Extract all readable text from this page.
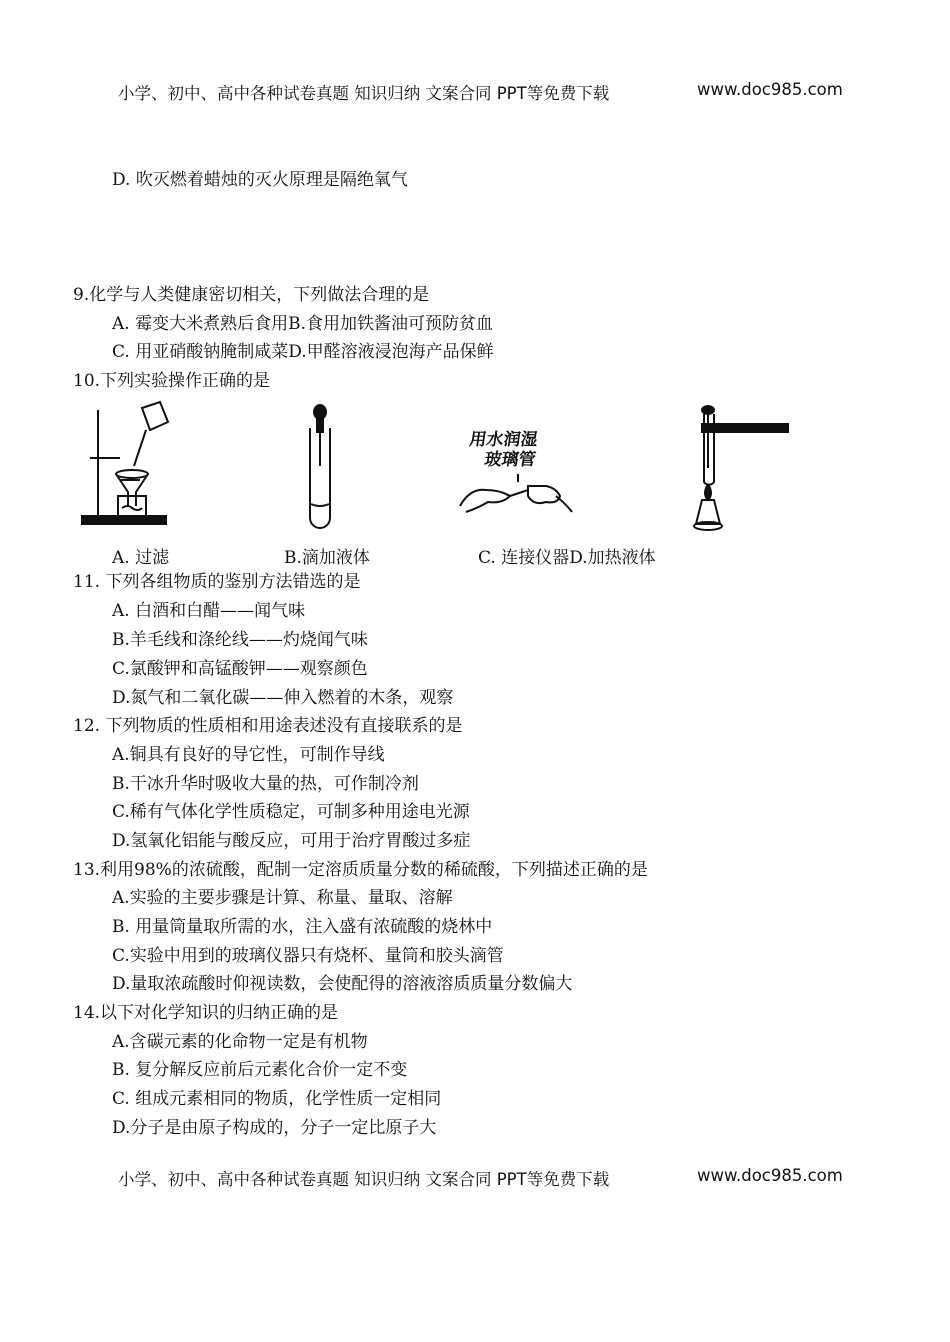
小学、初中、高中各种试卷真题 知识归纳 文案合同 PPT等免费下载	www.doc985.com
D. 吹灭燃着蜡烛的灭火原理是隔绝氧气
9.化学与人类健康密切相关，下列做法合理的是
A. 霉变大米煮熟后食用B.食用加铁酱油可预防贫血
C. 用亚硝酸钠腌制咸菜D.甲醛溶液浸泡海产品保鲜
10.下列实验操作正确的是
用水润湿
玻璃管
A. 过滤	B.滴加液体	C. 连接仪器D.加热液体
11. 下列各组物质的鉴别方法错选的是
A. 白酒和白醋——闻气味
B.羊毛线和涤纶线——灼烧闻气味
C.氯酸钾和高锰酸钾——观察颜色
D.氮气和二氧化碳——伸入燃着的木条，观察
12. 下列物质的性质相和用途表述没有直接联系的是
A.铜具有良好的导它性，可制作导线
B.干冰升华时吸收大量的热，可作制冷剂
C.稀有气体化学性质稳定，可制多种用途电光源
D.氢氧化铝能与酸反应，可用于治疗胃酸过多症
13.利用98%的浓硫酸，配制一定溶质质量分数的稀硫酸，下列描述正确的是
A.实验的主要步骤是计算、称量、量取、溶解
B. 用量筒量取所需的水，注入盛有浓硫酸的烧林中
C.实验中用到的玻璃仪器只有烧杯、量筒和胶头滴管
D.量取浓疏酸时仰视读数，会使配得的溶液溶质质量分数偏大
14.以下对化学知识的归纳正确的是
A.含碳元素的化命物一定是有机物
B. 复分解反应前后元素化合价一定不变
C. 组成元素相同的物质，化学性质一定相同
D.分子是由原子构成的，分子一定比原子大
小学、初中、高中各种试卷真题 知识归纳 文案合同 PPT等免费下载	www.doc985.com
